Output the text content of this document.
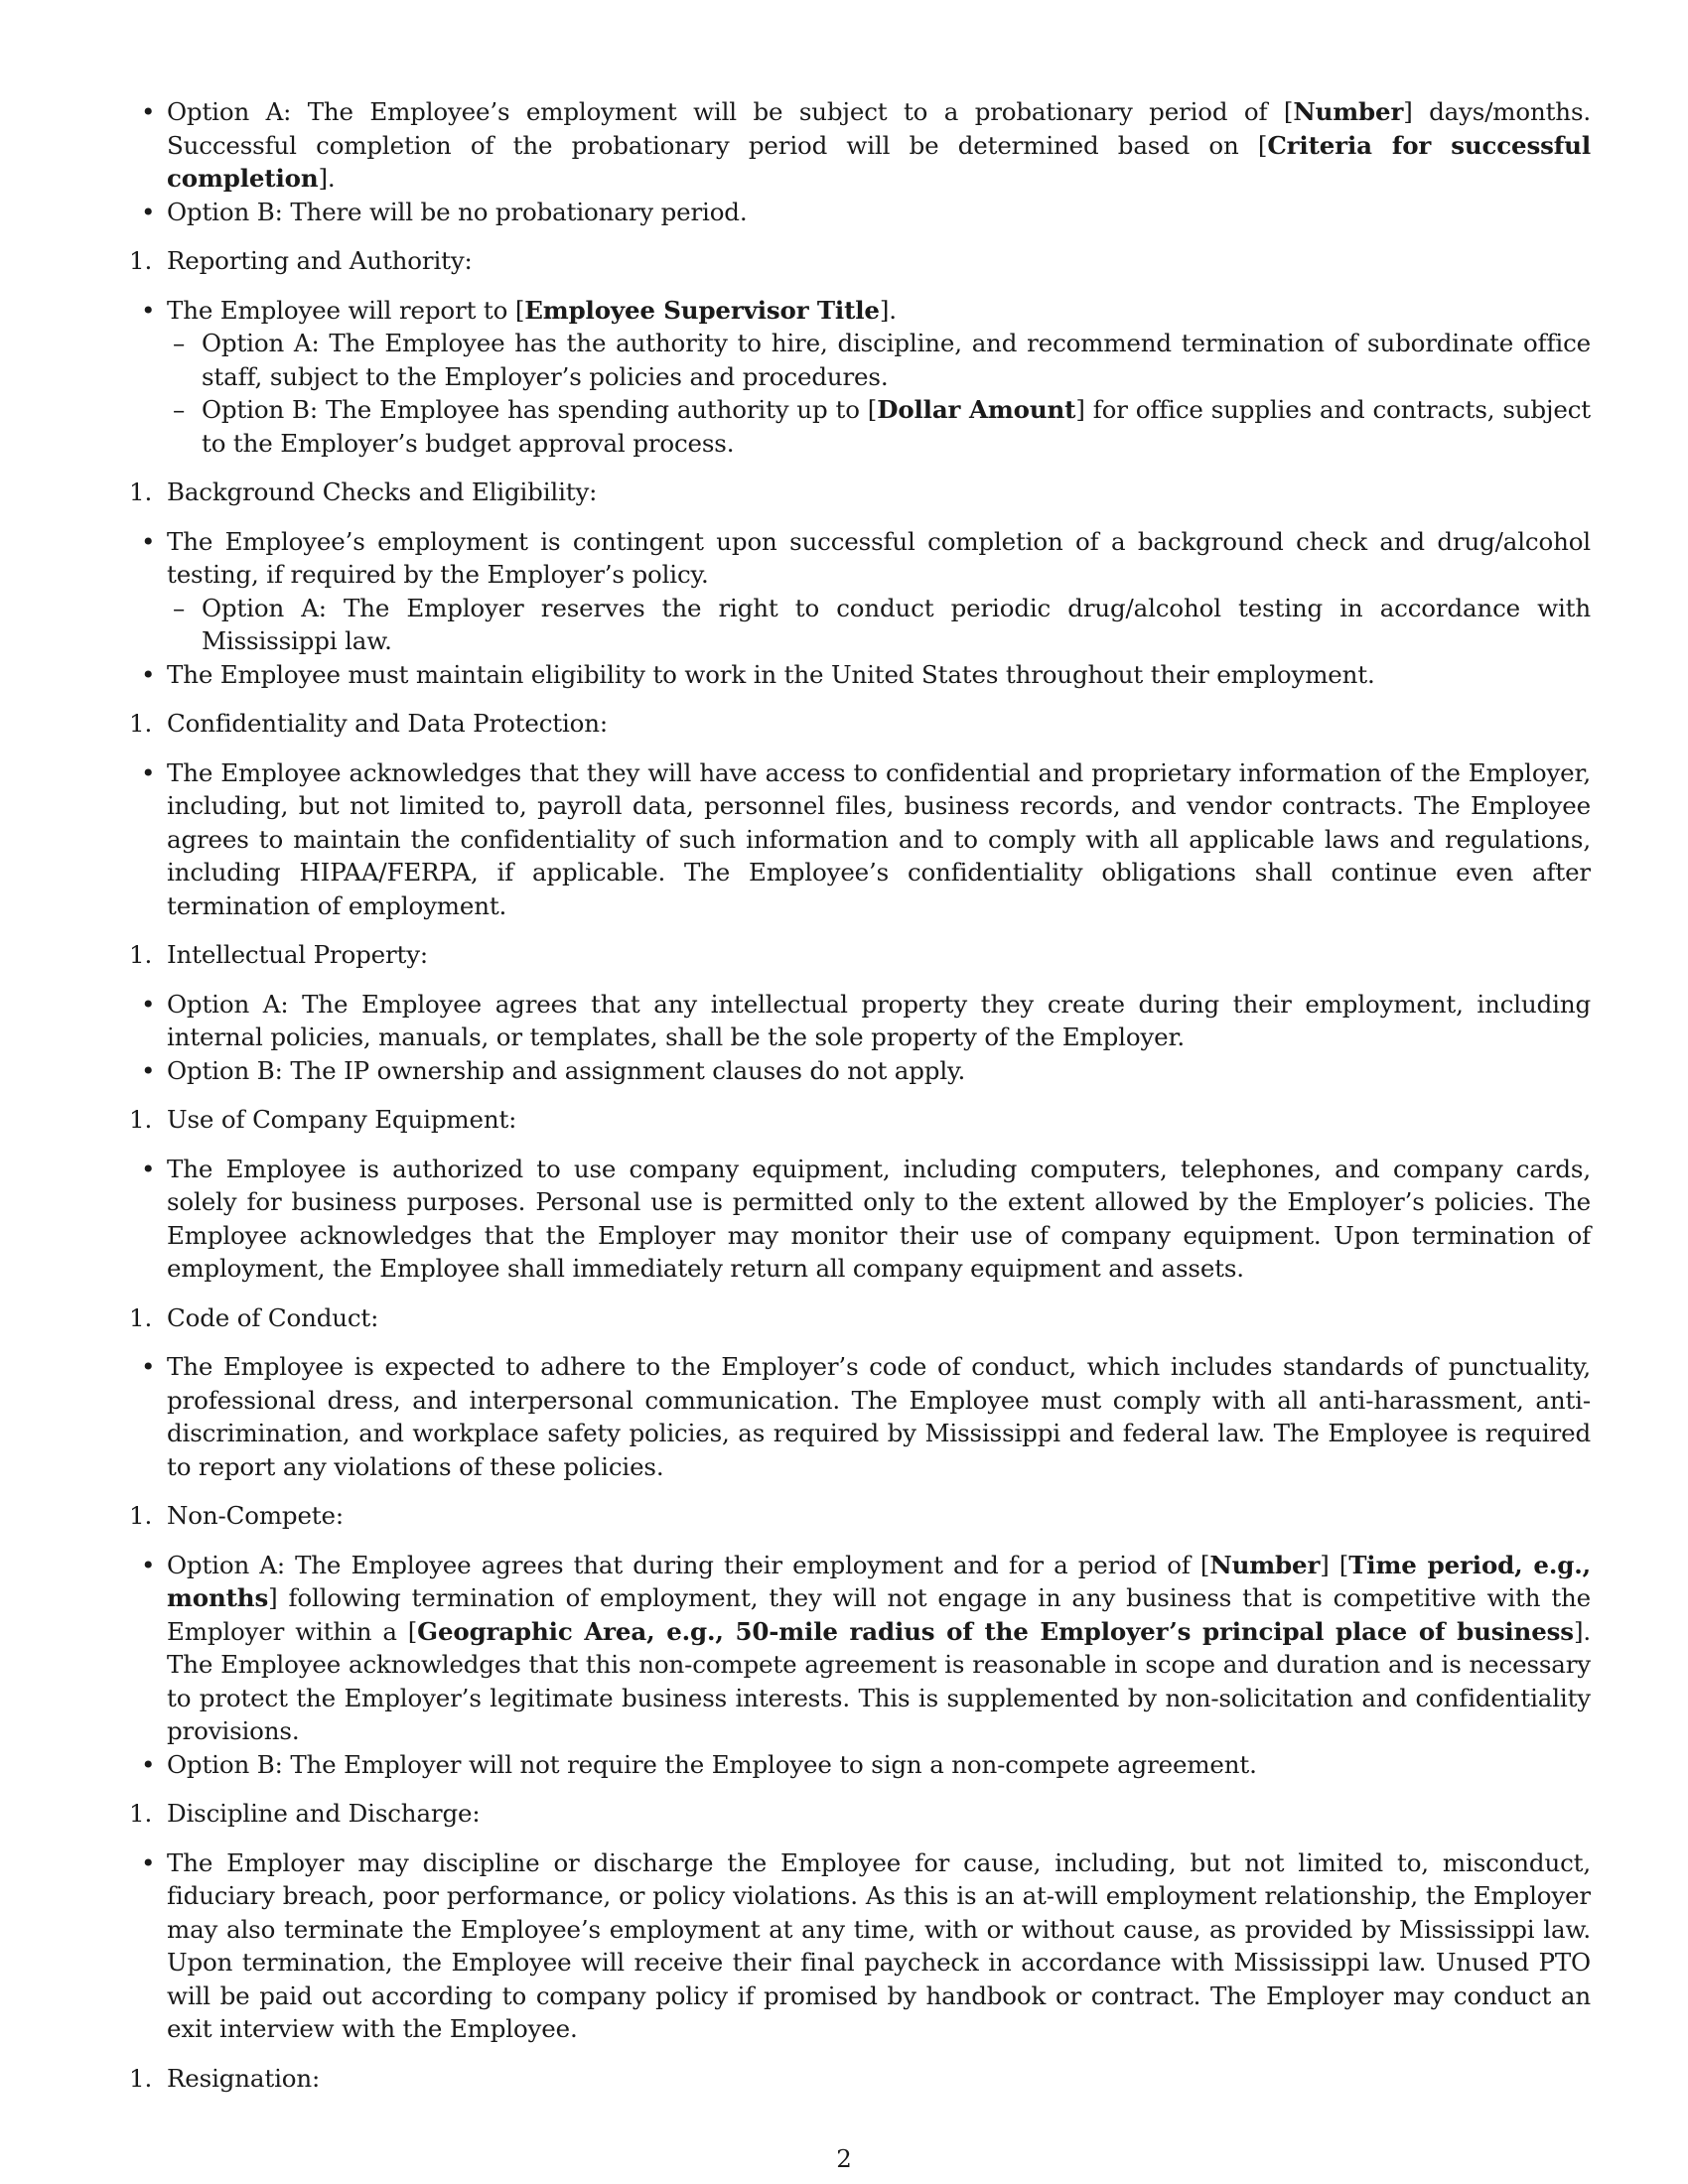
• Option A: The Employee’s employment will be subject to a probationary period of [Number] days/months. Successful completion of the probationary period will be determined based on [Criteria for successful completion].
• Option B: There will be no probationary period.
1. Reporting and Authority:
• The Employee will report to [Employee Supervisor Title].
– Option A: The Employee has the authority to hire, discipline, and recommend termination of subordinate office staff, subject to the Employer’s policies and procedures.
– Option B: The Employee has spending authority up to [Dollar Amount] for office supplies and contracts, subject to the Employer’s budget approval process.
1. Background Checks and Eligibility:
• The Employee’s employment is contingent upon successful completion of a background check and drug/alcohol testing, if required by the Employer’s policy.
– Option A: The Employer reserves the right to conduct periodic drug/alcohol testing in accordance with Mississippi law.
• The Employee must maintain eligibility to work in the United States throughout their employment.
1. Confidentiality and Data Protection:
• The Employee acknowledges that they will have access to confidential and proprietary information of the Employer, including, but not limited to, payroll data, personnel files, business records, and vendor contracts. The Employee agrees to maintain the confidentiality of such information and to comply with all applicable laws and regulations, including HIPAA/FERPA, if applicable. The Employee’s confidentiality obligations shall continue even after termination of employment.
1. Intellectual Property:
• Option A: The Employee agrees that any intellectual property they create during their employment, including internal policies, manuals, or templates, shall be the sole property of the Employer.
• Option B: The IP ownership and assignment clauses do not apply.
1. Use of Company Equipment:
• The Employee is authorized to use company equipment, including computers, telephones, and company cards, solely for business purposes. Personal use is permitted only to the extent allowed by the Employer’s policies. The Employee acknowledges that the Employer may monitor their use of company equipment. Upon termination of employment, the Employee shall immediately return all company equipment and assets.
1. Code of Conduct:
• The Employee is expected to adhere to the Employer’s code of conduct, which includes standards of punctuality, professional dress, and interpersonal communication. The Employee must comply with all anti-harassment, anti-discrimination, and workplace safety policies, as required by Mississippi and federal law. The Employee is required to report any violations of these policies.
1. Non-Compete:
• Option A: The Employee agrees that during their employment and for a period of [Number] [Time period, e.g., months] following termination of employment, they will not engage in any business that is competitive with the Employer within a [Geographic Area, e.g., 50-mile radius of the Employer’s principal place of business]. The Employee acknowledges that this non-compete agreement is reasonable in scope and duration and is necessary to protect the Employer’s legitimate business interests. This is supplemented by non-solicitation and confidentiality provisions.
• Option B: The Employer will not require the Employee to sign a non-compete agreement.
1. Discipline and Discharge:
• The Employer may discipline or discharge the Employee for cause, including, but not limited to, misconduct, fiduciary breach, poor performance, or policy violations. As this is an at-will employment relationship, the Employer may also terminate the Employee’s employment at any time, with or without cause, as provided by Mississippi law. Upon termination, the Employee will receive their final paycheck in accordance with Mississippi law. Unused PTO will be paid out according to company policy if promised by handbook or contract. The Employer may conduct an exit interview with the Employee.
1. Resignation:
2
